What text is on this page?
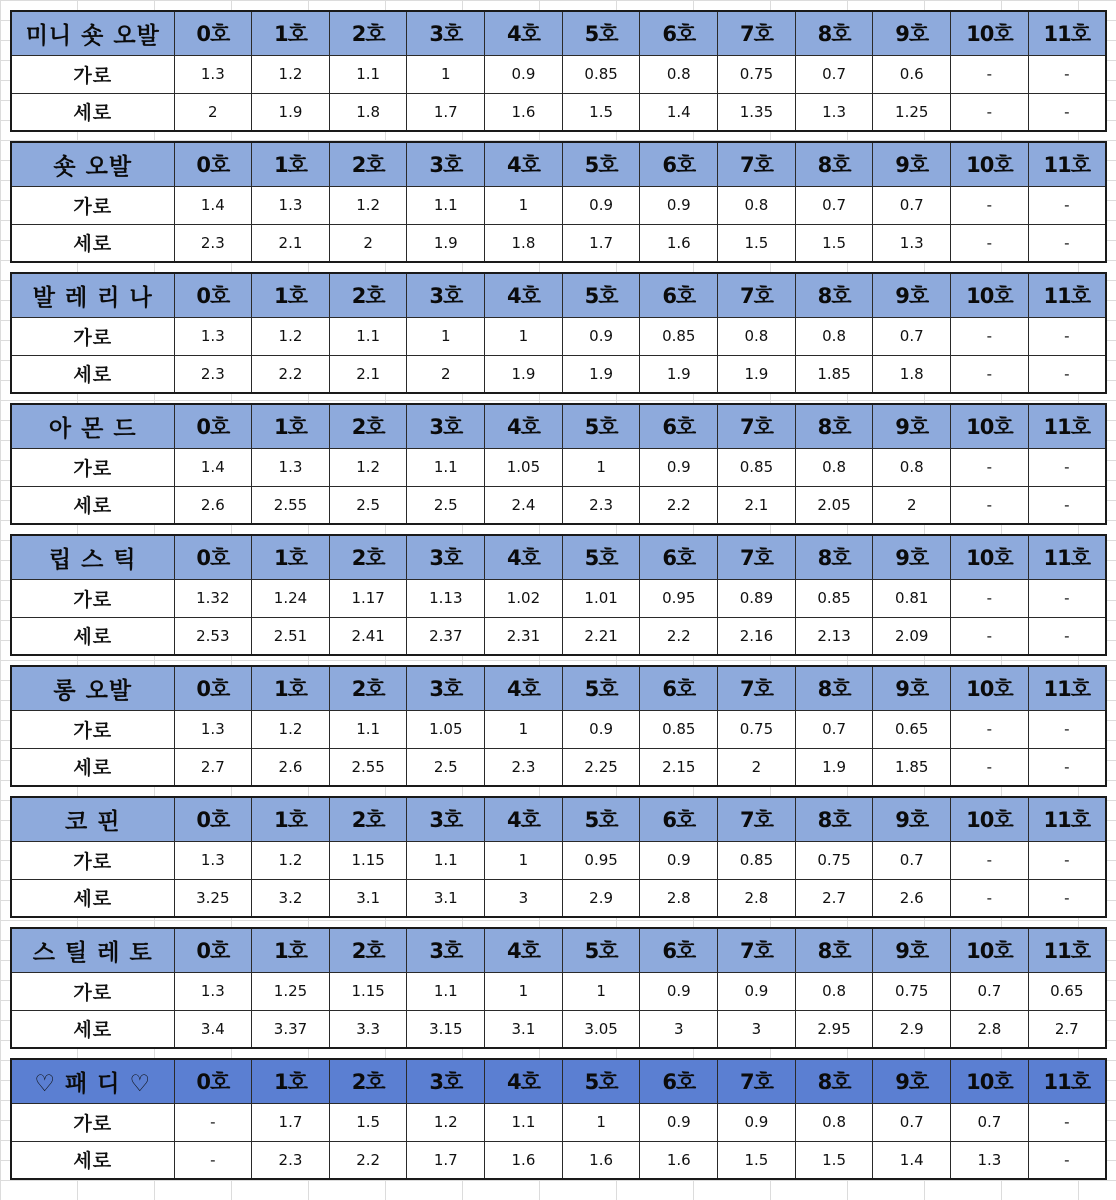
미니 숏 오발	0호	1호	2호	3호	4호	5호	6호	7호	8호	9호	10호	11호
가로	1.3	1.2	1.1	1	0.9	0.85	0.8	0.75	0.7	0.6	-	-
세로	2	1.9	1.8	1.7	1.6	1.5	1.4	1.35	1.3	1.25	-	-
숏 오발	0호	1호	2호	3호	4호	5호	6호	7호	8호	9호	10호	11호
가로	1.4	1.3	1.2	1.1	1	0.9	0.9	0.8	0.7	0.7	-	-
세로	2.3	2.1	2	1.9	1.8	1.7	1.6	1.5	1.5	1.3	-	-
발 레 리 나	0호	1호	2호	3호	4호	5호	6호	7호	8호	9호	10호	11호
가로	1.3	1.2	1.1	1	1	0.9	0.85	0.8	0.8	0.7	-	-
세로	2.3	2.2	2.1	2	1.9	1.9	1.9	1.9	1.85	1.8	-	-
아 몬 드	0호	1호	2호	3호	4호	5호	6호	7호	8호	9호	10호	11호
가로	1.4	1.3	1.2	1.1	1.05	1	0.9	0.85	0.8	0.8	-	-
세로	2.6	2.55	2.5	2.5	2.4	2.3	2.2	2.1	2.05	2	-	-
립 스 틱	0호	1호	2호	3호	4호	5호	6호	7호	8호	9호	10호	11호
가로	1.32	1.24	1.17	1.13	1.02	1.01	0.95	0.89	0.85	0.81	-	-
세로	2.53	2.51	2.41	2.37	2.31	2.21	2.2	2.16	2.13	2.09	-	-
롱 오발	0호	1호	2호	3호	4호	5호	6호	7호	8호	9호	10호	11호
가로	1.3	1.2	1.1	1.05	1	0.9	0.85	0.75	0.7	0.65	-	-
세로	2.7	2.6	2.55	2.5	2.3	2.25	2.15	2	1.9	1.85	-	-
코 핀	0호	1호	2호	3호	4호	5호	6호	7호	8호	9호	10호	11호
가로	1.3	1.2	1.15	1.1	1	0.95	0.9	0.85	0.75	0.7	-	-
세로	3.25	3.2	3.1	3.1	3	2.9	2.8	2.8	2.7	2.6	-	-
스 틸 레 토	0호	1호	2호	3호	4호	5호	6호	7호	8호	9호	10호	11호
가로	1.3	1.25	1.15	1.1	1	1	0.9	0.9	0.8	0.75	0.7	0.65
세로	3.4	3.37	3.3	3.15	3.1	3.05	3	3	2.95	2.9	2.8	2.7
♡ 패 디 ♡	0호	1호	2호	3호	4호	5호	6호	7호	8호	9호	10호	11호
가로	-	1.7	1.5	1.2	1.1	1	0.9	0.9	0.8	0.7	0.7	-
세로	-	2.3	2.2	1.7	1.6	1.6	1.6	1.5	1.5	1.4	1.3	-
